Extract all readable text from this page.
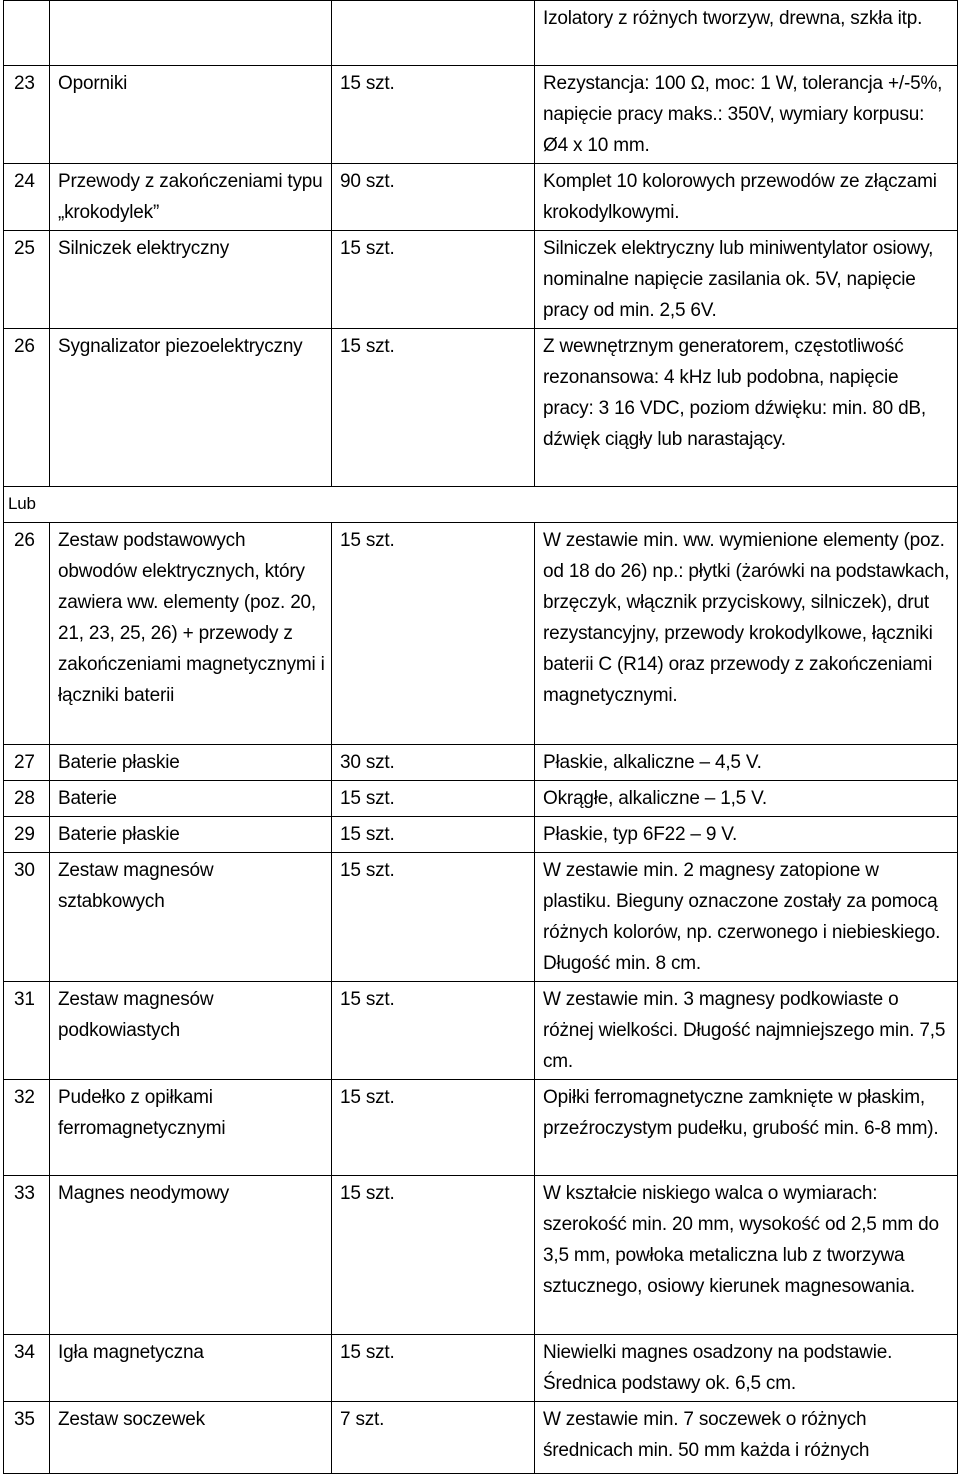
			Izolatory z różnych tworzyw, drewna, szkła itp.
23	Oporniki	15 szt.	Rezystancja: 100 Ω, moc: 1 W, tolerancja +/-5%, napięcie pracy maks.: 350V, wymiary korpusu: Ø4 x 10 mm.
24	Przewody z zakończeniami typu „krokodylek”	90 szt.	Komplet 10 kolorowych przewodów ze złączami krokodylkowymi.
25	Silniczek elektryczny	15 szt.	Silniczek elektryczny lub miniwentylator osiowy, nominalne napięcie zasilania ok. 5V, napięcie pracy od min. 2,5 6V.
26	Sygnalizator piezoelektryczny	15 szt.	Z wewnętrznym generatorem, częstotliwość rezonansowa: 4 kHz lub podobna, napięcie pracy: 3 16 VDC, poziom dźwięku: min. 80 dB, dźwięk ciągły lub narastający.
Lub			
26	Zestaw podstawowych obwodów elektrycznych, który zawiera ww. elementy (poz. 20, 21, 23, 25, 26) + przewody z zakończeniami magnetycznymi i łączniki baterii	15 szt.	W zestawie min. ww. wymienione elementy (poz. od 18 do 26) np.: płytki (żarówki na podstawkach, brzęczyk, włącznik przyciskowy, silniczek), drut rezystancyjny, przewody krokodylkowe, łączniki baterii C (R14) oraz przewody z zakończeniami magnetycznymi.
27	Baterie płaskie	30 szt.	Płaskie, alkaliczne – 4,5 V.
28	Baterie	15 szt.	Okrągłe, alkaliczne – 1,5 V.
29	Baterie płaskie	15 szt.	Płaskie, typ 6F22 – 9 V.
30	Zestaw magnesów sztabkowych	15 szt.	W zestawie min. 2 magnesy zatopione w plastiku. Bieguny oznaczone zostały za pomocą różnych kolorów, np. czerwonego i niebieskiego. Długość min. 8 cm.
31	Zestaw magnesów podkowiastych	15 szt.	W zestawie min. 3 magnesy podkowiaste o różnej wielkości. Długość najmniejszego min. 7,5 cm.
32	Pudełko z opiłkami ferromagnetycznymi	15 szt.	Opiłki ferromagnetyczne zamknięte w płaskim, przeźroczystym pudełku, grubość min. 6-8 mm).
33	Magnes neodymowy	15 szt.	W kształcie niskiego walca o wymiarach: szerokość min. 20 mm, wysokość od 2,5 mm do 3,5 mm, powłoka metaliczna lub z tworzywa sztucznego, osiowy kierunek magnesowania.
34	Igła magnetyczna	15 szt.	Niewielki magnes osadzony na podstawie. Średnica podstawy ok. 6,5 cm.
35	Zestaw soczewek	7 szt.	W zestawie min. 7 soczewek o różnych średnicach min. 50 mm każda i różnych
